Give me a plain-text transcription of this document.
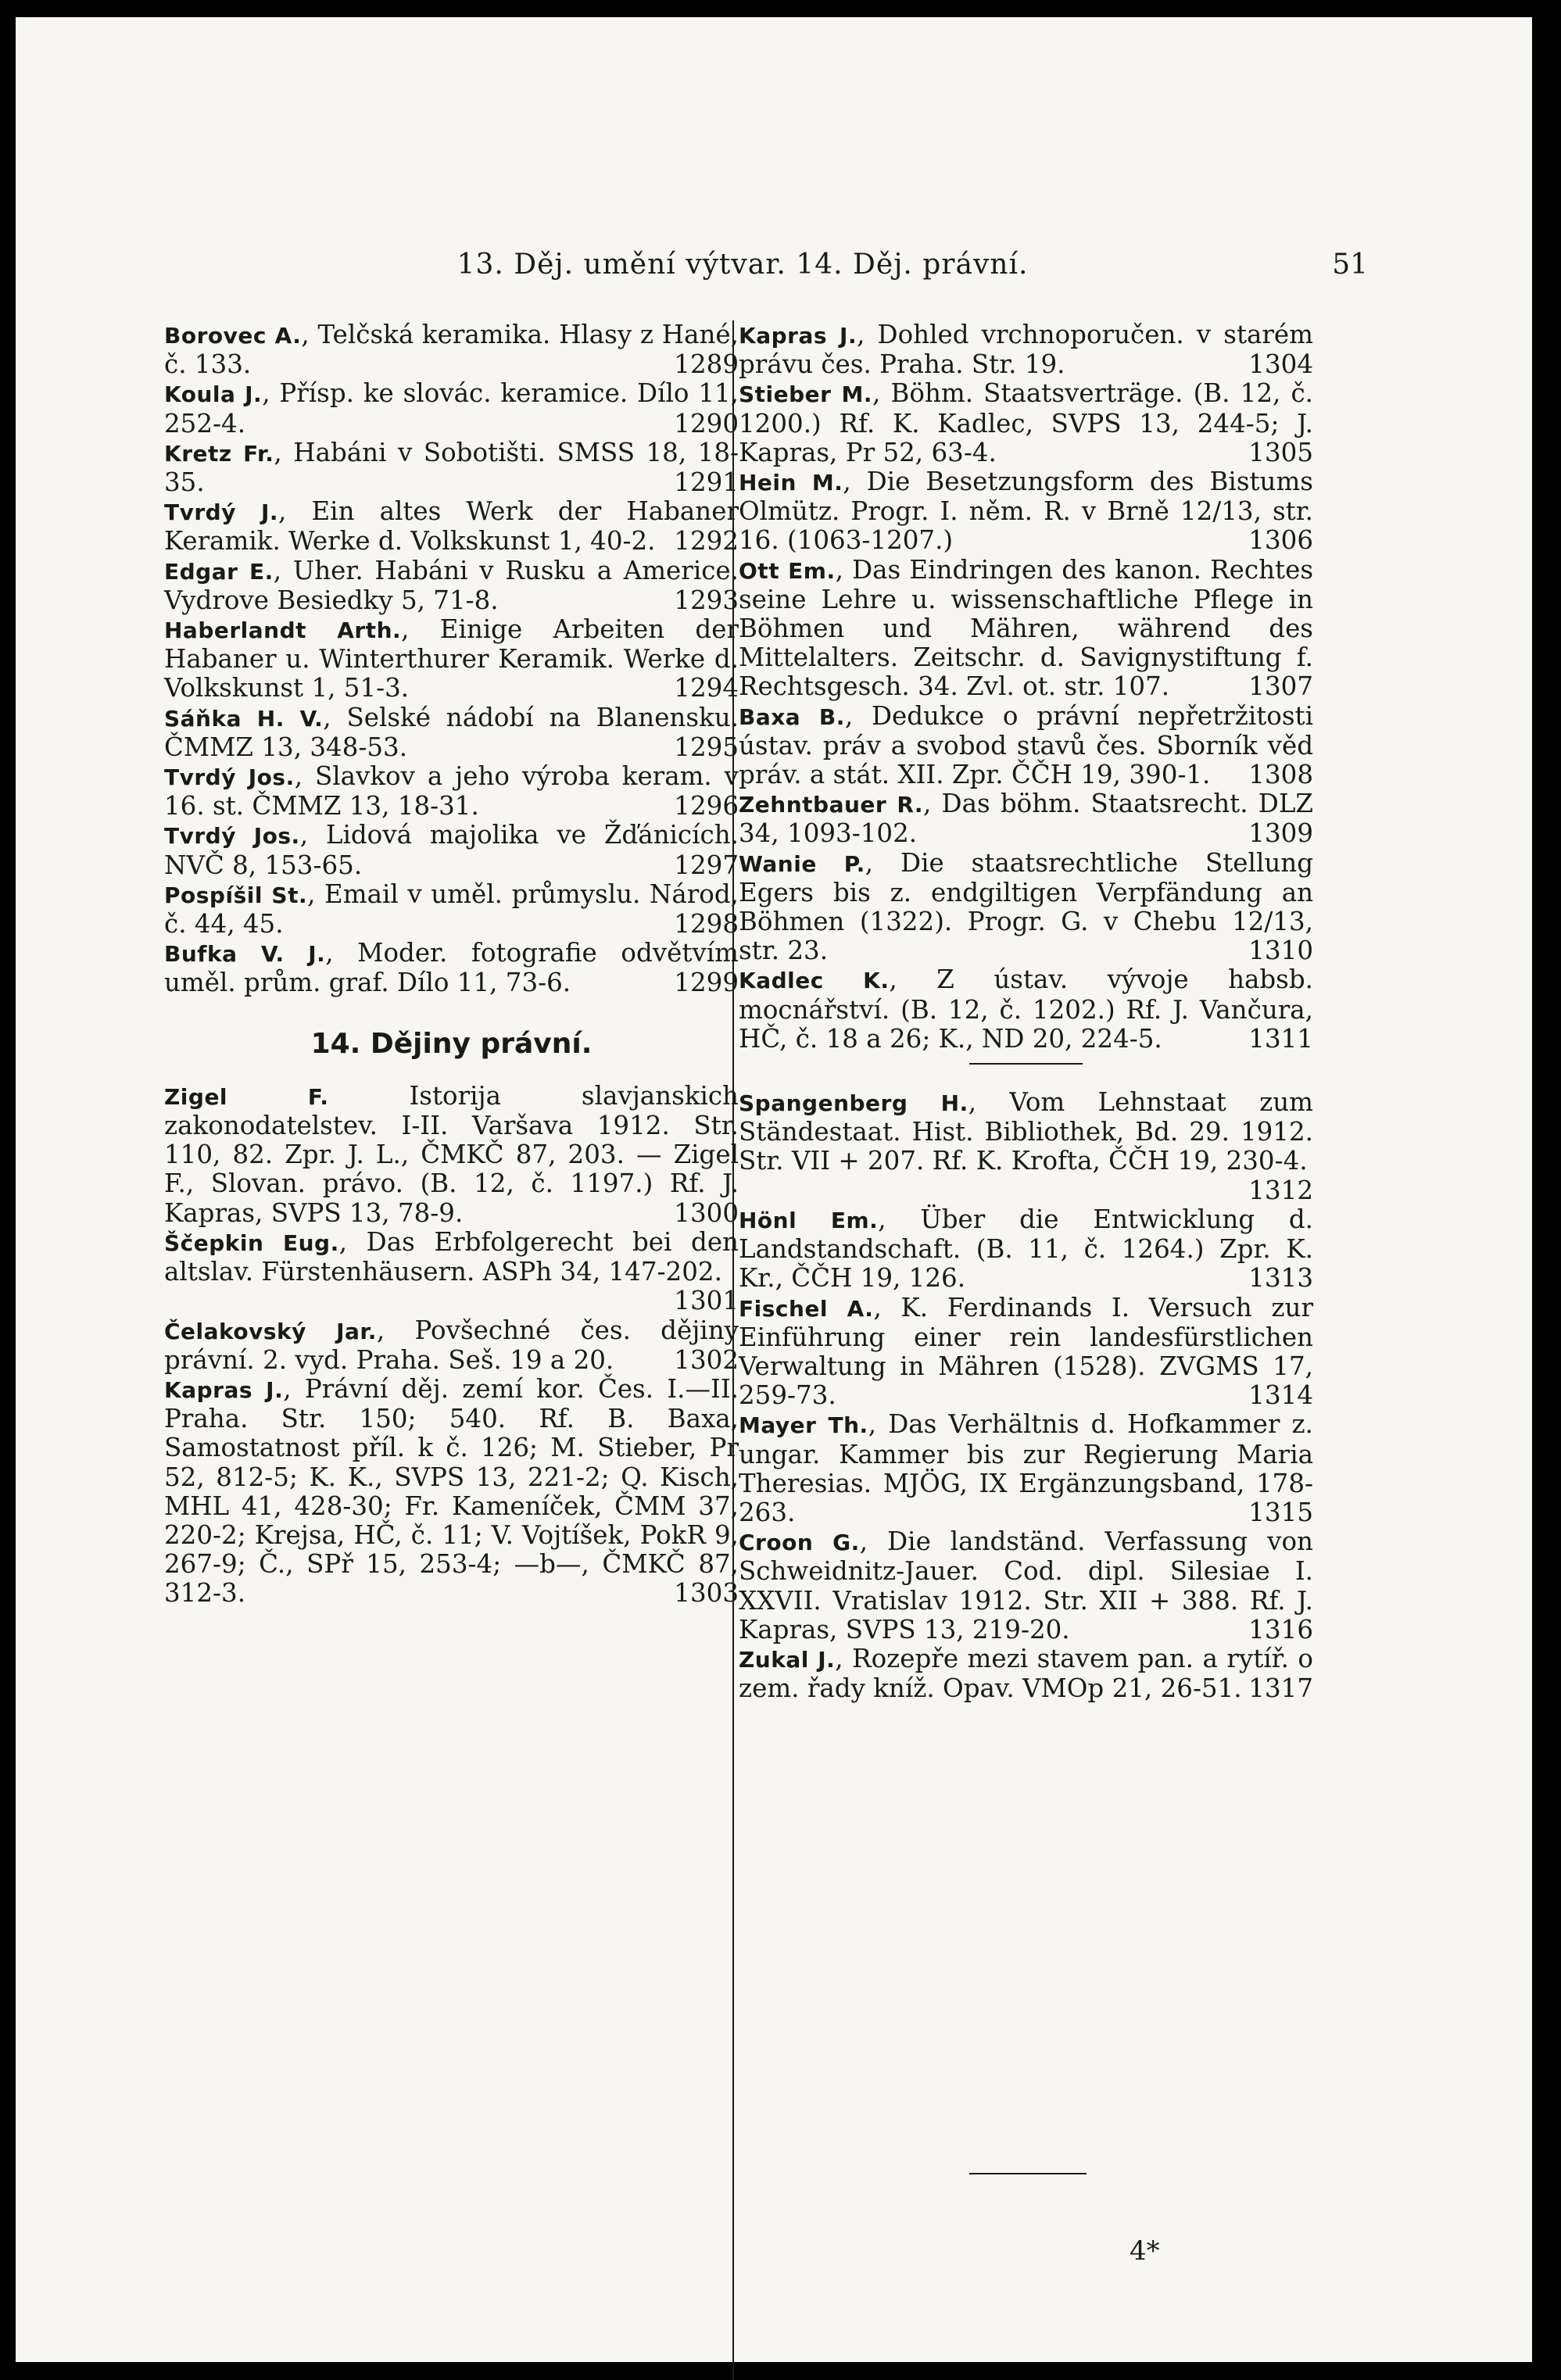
13. Děj. umění výtvar. 14. Děj. právní.	51

Borovec A., Telčská keramika. Hlasy z Hané, č. 133.	1289

Koula J., Přísp. ke slovác. keramice. Dílo 11, 252-4.	1290

Kretz Fr., Habáni v Sobotišti. SMSS 18, 18-35.	1291

Tvrdý J., Ein altes Werk der Habaner Keramik. Werke d. Volkskunst 1, 40-2. 1292

Edgar E., Uher. Habáni v Rusku a Americe. Vydrove Besiedky 5, 71-8.	1293

Haberlandt Arth., Einige Arbeiten der Habaner u. Winterthurer Keramik. Werke d. Volkskunst 1, 51-3.	1294

Sáňka H. V., Selské nádobí na Blanensku. ČMMZ 13, 348-53.	1295

Tvrdý Jos., Slavkov a jeho výroba keram. v 16. st. ČMMZ 13, 18-31.	1296

Tvrdý Jos., Lidová majolika ve Žďánicích. NVČ 8, 153-65.	1297

Pospíšil St., Email v uměl. průmyslu. Národ, č. 44, 45.	1298

Bufka V. J., Moder. fotografie odvětvím uměl. prům. graf. Dílo 11, 73-6.	1299

14. Dějiny právní.

Zigel F. Istorija slavjanskich zakonodatelstev. I-II. Varšava 1912. Str. 110, 82. Zpr. J. L., ČMKČ 87, 203. — Zigel F., Slovan. právo. (B. 12, č. 1197.) Rf. J. Kapras, SVPS 13, 78-9.	1300

Ščepkin Eug., Das Erbfolgerecht bei den altslav. Fürstenhäusern. ASPh 34, 147-202.
1301

Čelakovský Jar., Povšechné čes. dějiny právní. 2. vyd. Praha. Seš. 19 a 20. 1302

Kapras J., Právní děj. zemí kor. Čes. I.—II. Praha. Str. 150; 540. Rf. B. Baxa, Samostatnost příl. k č. 126; M. Stieber, Pr 52, 812-5; K. K., SVPS 13, 221-2; Q. Kisch, MHL 41, 428-30; Fr. Kameníček, ČMM 37, 220-2; Krejsa, HČ, č. 11; V. Vojtíšek, PokR 9, 267-9; Č., SPř 15, 253-4; —b—, ČMKČ 87, 312-3.	1303

Kapras J., Dohled vrchnoporučen. v starém právu čes. Praha. Str. 19.	1304

Stieber M., Böhm. Staatsverträge. (B. 12, č. 1200.) Rf. K. Kadlec, SVPS 13, 244-5; J. Kapras, Pr 52, 63-4.	1305

Hein M., Die Besetzungsform des Bistums Olmütz. Progr. I. něm. R. v Brně 12/13, str. 16. (1063-1207.)	1306

Ott Em., Das Eindringen des kanon. Rechtes seine Lehre u. wissenschaftliche Pflege in Böhmen und Mähren, während des Mittelalters. Zeitschr. d. Savignystiftung f. Rechtsgesch. 34. Zvl. ot. str. 107.	1307

Baxa B., Dedukce o právní nepřetržitosti ústav. práv a svobod stavů čes. Sborník věd práv. a stát. XII. Zpr. ČČH 19, 390-1. 1308

Zehntbauer R., Das böhm. Staatsrecht. DLZ 34, 1093-102.	1309

Wanie P., Die staatsrechtliche Stellung Egers bis z. endgiltigen Verpfändung an Böhmen (1322). Progr. G. v Chebu 12/13, str. 23.	1310

Kadlec K., Z ústav. vývoje habsb. mocnářství. (B. 12, č. 1202.) Rf. J. Vančura, HČ, č. 18 a 26; K., ND 20, 224-5.	1311

Spangenberg H., Vom Lehnstaat zum Ständestaat. Hist. Bibliothek, Bd. 29. 1912. Str. VII + 207. Rf. K. Krofta, ČČH 19, 230-4.
1312

Hönl Em., Über die Entwicklung d. Landstandschaft. (B. 11, č. 1264.) Zpr. K. Kr., ČČH 19, 126.	1313

Fischel A., K. Ferdinands I. Versuch zur Einführung einer rein landesfürstlichen Verwaltung in Mähren (1528). ZVGMS 17, 259-73.	1314

Mayer Th., Das Verhältnis d. Hofkammer z. ungar. Kammer bis zur Regierung Maria Theresias. MJÖG, IX Ergänzungsband, 178-263.	1315

Croon G., Die landständ. Verfassung von Schweidnitz-Jauer. Cod. dipl. Silesiae I. XXVII. Vratislav 1912. Str. XII + 388. Rf. J. Kapras, SVPS 13, 219-20.	1316

Zukal J., Rozepře mezi stavem pan. a rytíř. o zem. řady kníž. Opav. VMOp 21, 26-51. 1317

4*
